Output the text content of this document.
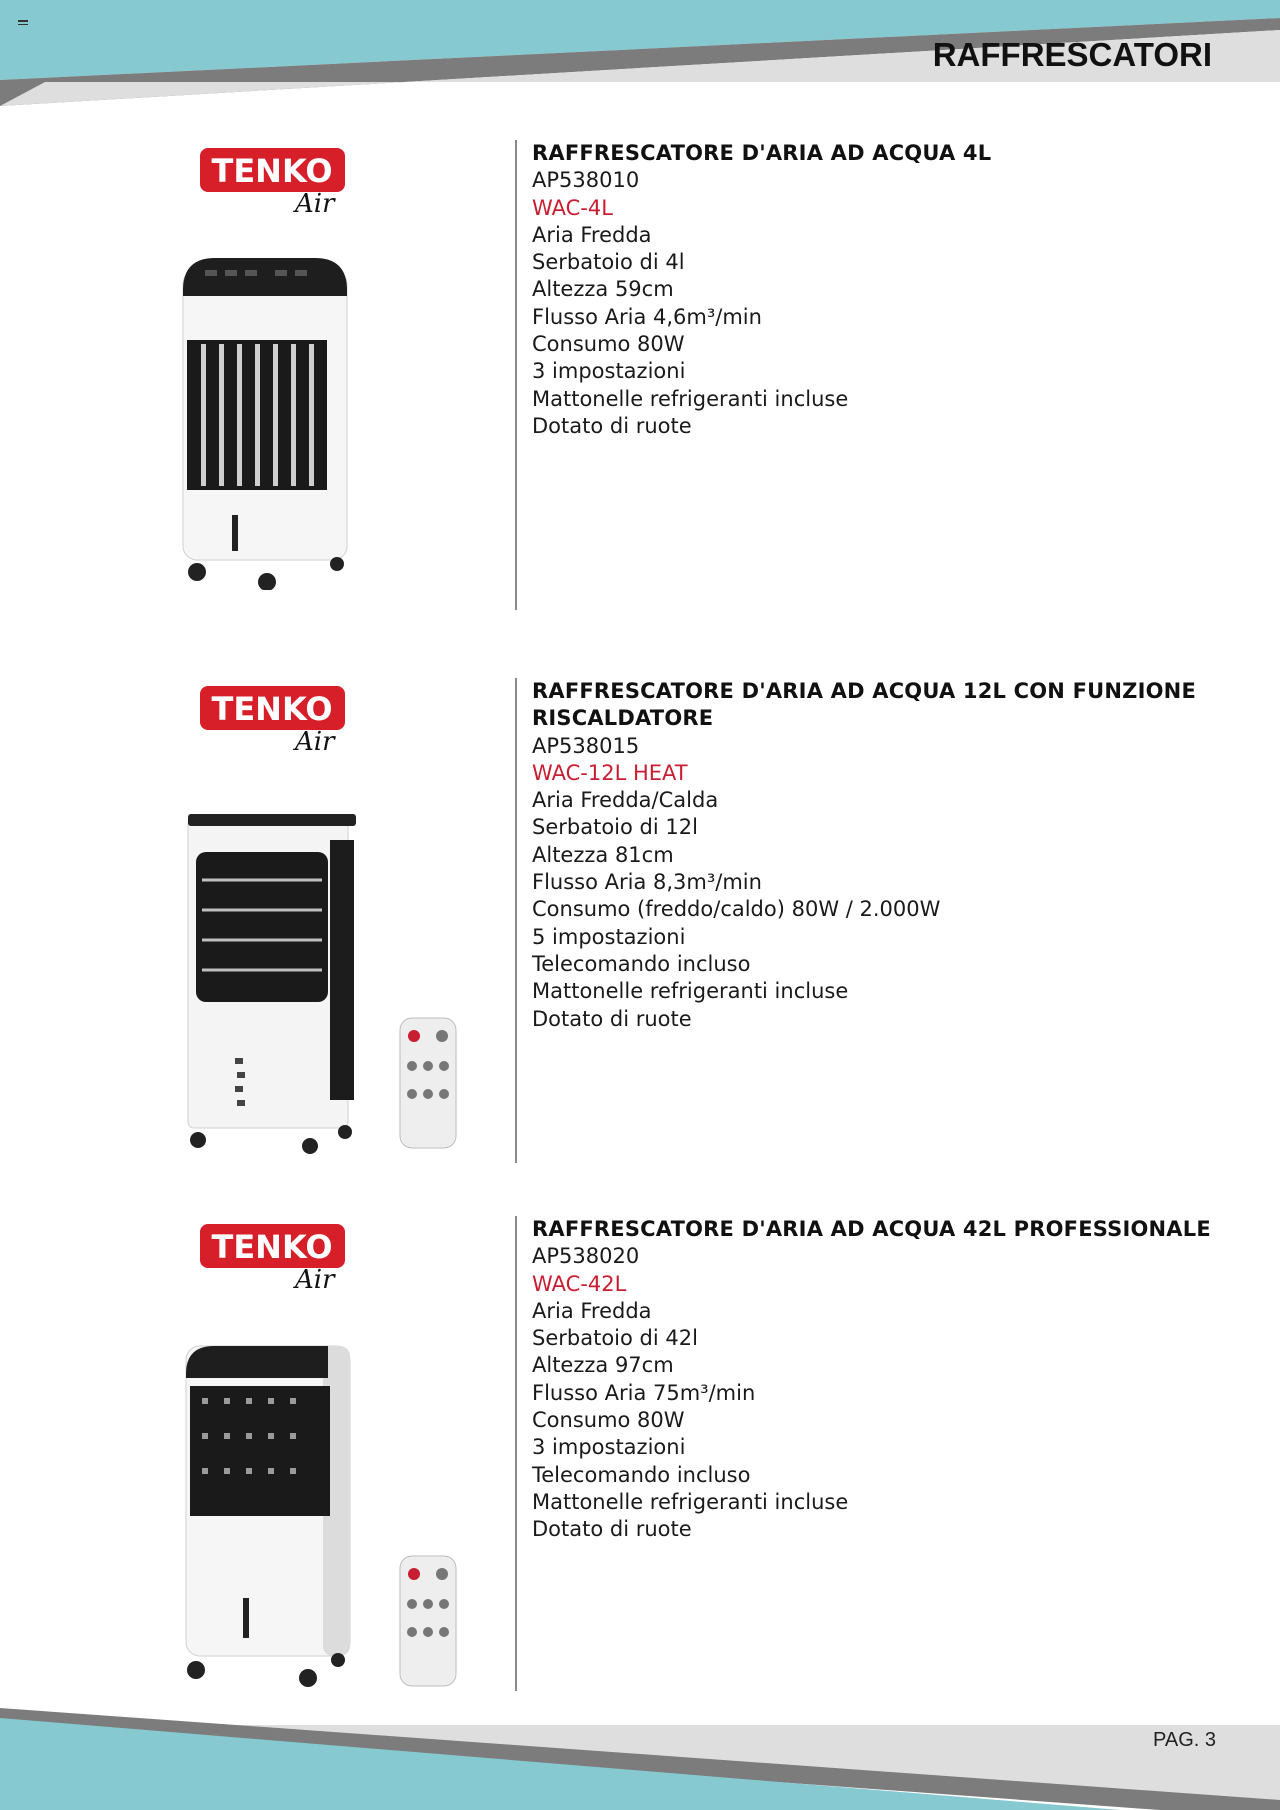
RAFFRESCATORI
TENKO
Air

RAFFRESCATORE D'ARIA AD ACQUA 4L

AP538010

WAC-4L

Aria Fredda
Serbatoio di 4l
Altezza 59cm
Flusso Aria 4,6m³/min
Consumo 80W
3 impostazioni
Mattonelle refrigeranti incluse
Dotato di ruote
TENKO
Air

RAFFRESCATORE D'ARIA AD ACQUA 12L CON FUNZIONE RISCALDATORE

AP538015

WAC-12L HEAT

Aria Fredda/Calda
Serbatoio di 12l
Altezza 81cm
Flusso Aria 8,3m³/min
Consumo (freddo/caldo) 80W / 2.000W
5 impostazioni
Telecomando incluso
Mattonelle refrigeranti incluse
Dotato di ruote
TENKO
Air

RAFFRESCATORE D'ARIA AD ACQUA 42L PROFESSIONALE

AP538020

WAC-42L

Aria Fredda
Serbatoio di 42l
Altezza 97cm
Flusso Aria 75m³/min
Consumo 80W
3 impostazioni
Telecomando incluso
Mattonelle refrigeranti incluse
Dotato di ruote
PAG. 3
